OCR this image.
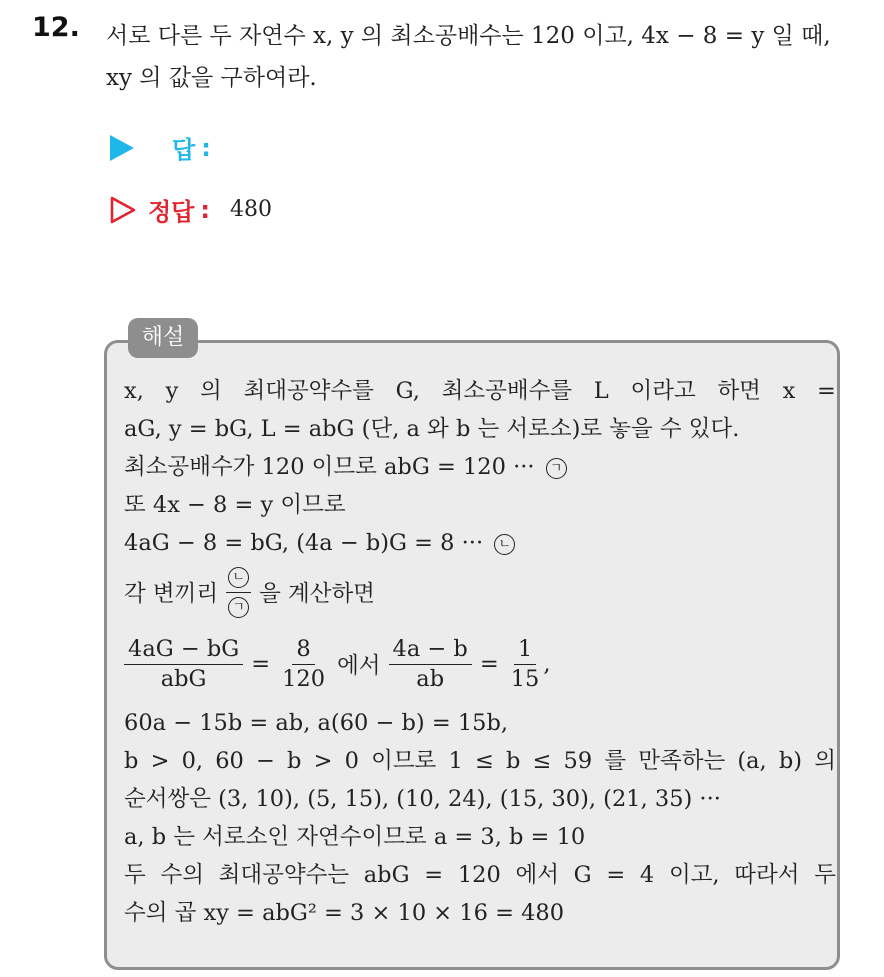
12. 서로 다른 두 자연수 x, y 의 최소공배수는 120 이고, 4x − 8 = y 일 때,
xy 의 값을 구하여라.
답 :
정답 : 480
해설
x, y 의 최대공약수를 G, 최소공배수를 L 이라고 하면 x =
aG, y = bG, L = abG (단, a 와 b 는 서로소)로 놓을 수 있다.
최소공배수가 120 이므로 abG = 120 ··· ㄱ
또 4x − 8 = y 이므로
4aG − 8 = bG, (4a − b)G = 8 ··· ㄴ
각 변끼리 $\frac{\text{ㄴ}}{\text{ㄱ}}$ 을 계산하면
$\frac{4aG - bG}{\text{abG}} = \frac{8}{120}$ 에서 $\frac{4a - b}{ab} = \frac{1}{15}$ ,
60a − 15b = ab, a(60 − b) = 15b,
b > 0, 60 − b > 0 이므로 1 ≤ b ≤ 59 를 만족하는 (a, b) 의
순서쌍은 (3, 10), (5, 15), (10, 24), (15, 30), (21, 35) ···
a, b 는 서로소인 자연수이므로 a = 3, b = 10
두 수의 최대공약수는 abG = 120 에서 G = 4 이고, 따라서 두
수의 곱 xy = abG² = 3 × 10 × 16 = 480
